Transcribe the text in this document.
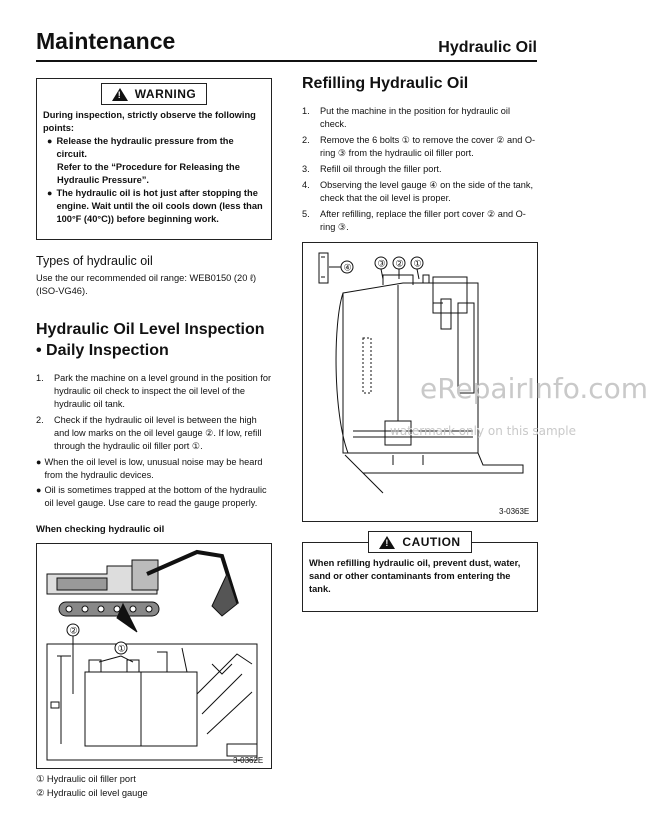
Maintenance	Hydraulic Oil
!
WARNING
During inspection, strictly observe the following points:
● Release the hydraulic pressure from the circuit.
Refer to the “Procedure for Releasing the Hydraulic Pressure”.
● The hydraulic oil is hot just after stopping the engine. Wait until the oil cools down (less than 100°F (40°C)) before beginning work.
Types of hydraulic oil

Use the our recommended oil range: WEB0150 (20 ℓ) (ISO-VG46).

Hydraulic Oil Level Inspection
• Daily Inspection
1. Park the machine on a level ground in the position for hydraulic oil check to inspect the oil level of the hydraulic oil tank.
2. Check if the hydraulic oil level is between the high and low marks on the oil level gauge ②. If low, refill through the hydraulic oil filler port ①.
● When the oil level is low, unusual noise may be heard from the hydraulic devices.
● Oil is sometimes trapped at the bottom of the hydraulic oil level gauge. Use care to read the gauge properly.
When checking hydraulic oil
①
②
3-0362E
① Hydraulic oil filler port
② Hydraulic oil level gauge
Refilling Hydraulic Oil
1. Put the machine in the position for hydraulic oil check.
2. Remove the 6 bolts ① to remove the cover ② and O-ring ③ from the hydraulic oil filler port.
3. Refill oil through the filler port.
4. Observing the level gauge ④ on the side of the tank, check that the oil level is proper.
5. After refilling, replace the filler port cover ② and O-ring ③.
④	③ ② ①
3-0363E
!
CAUTION
When refilling hydraulic oil, prevent dust, water, sand or other contaminants from entering the tank.
eRepairInfo.com
watermark only on this sample
